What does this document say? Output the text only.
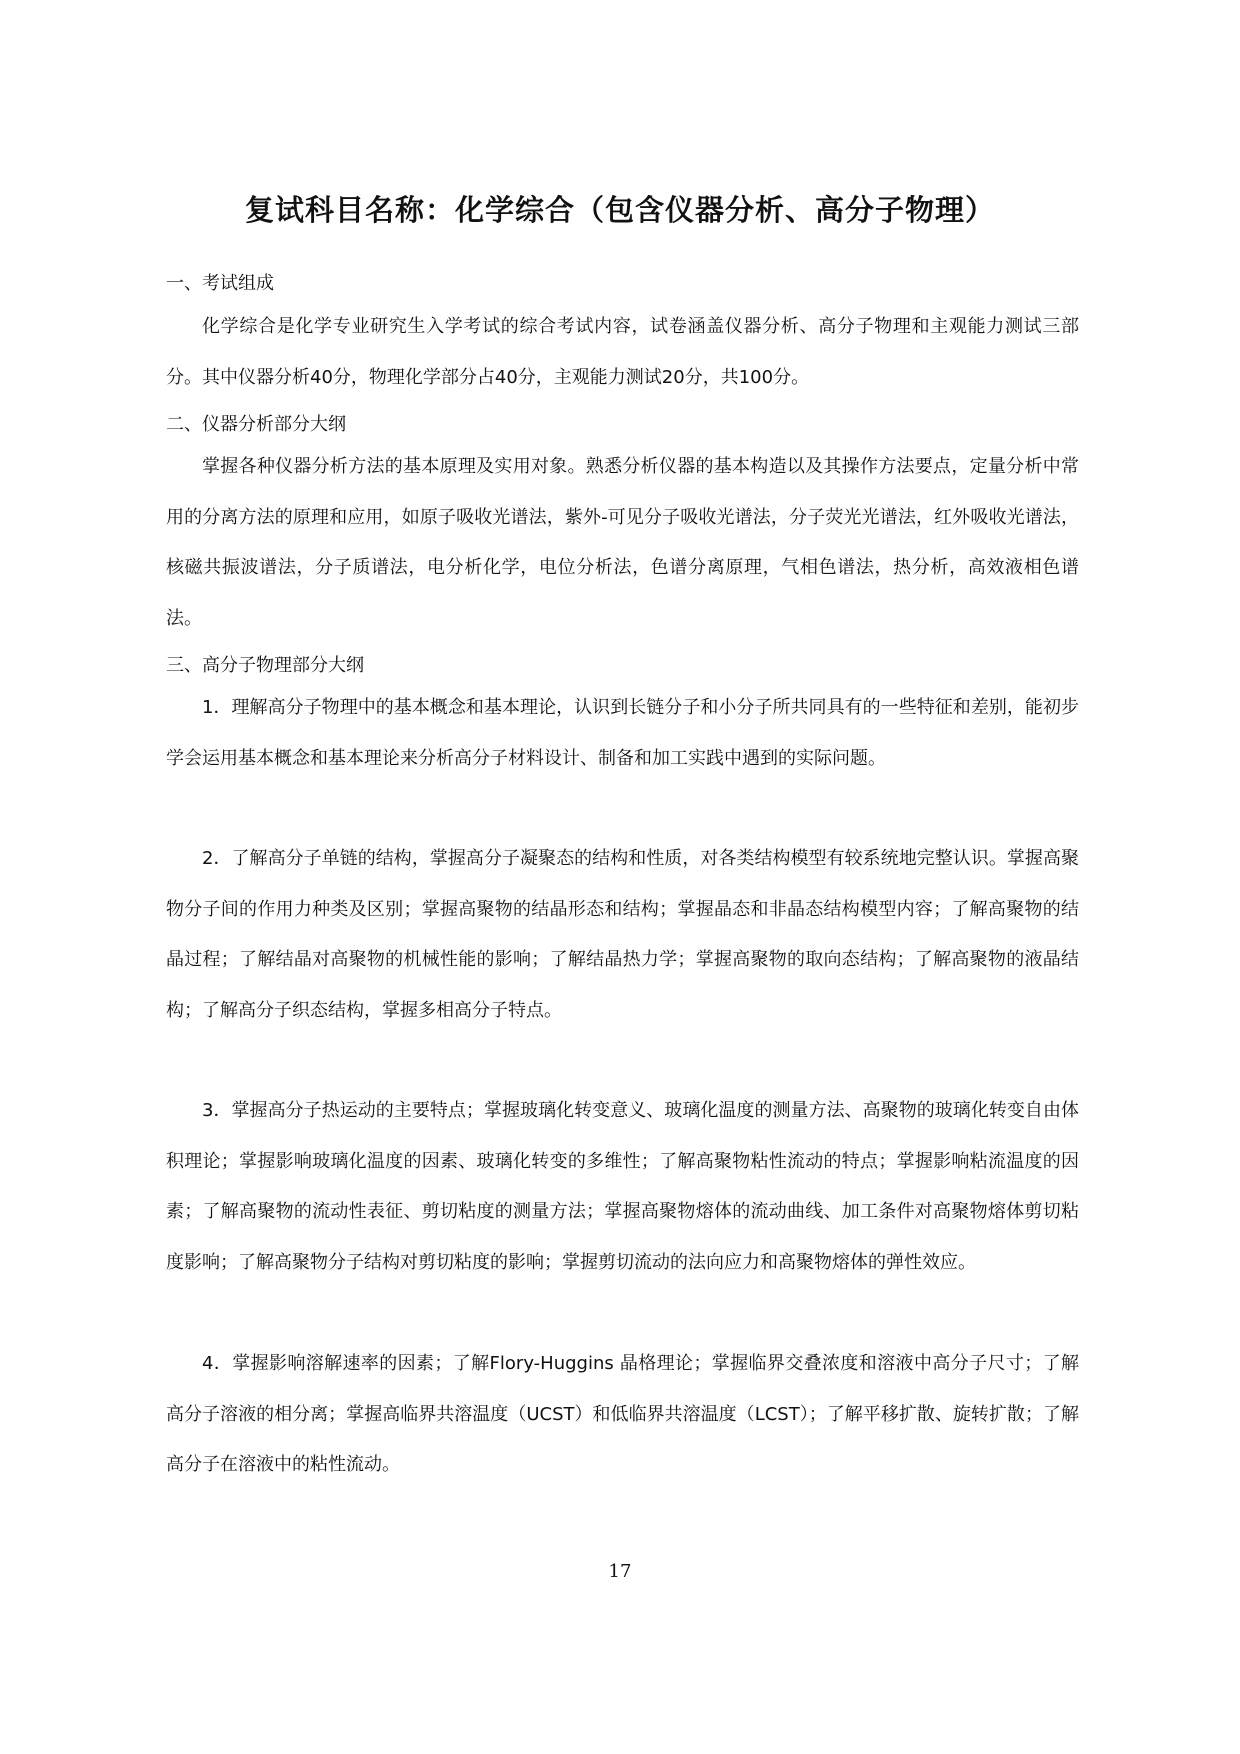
复试科目名称：化学综合（包含仪器分析、高分子物理）
一、考试组成

化学综合是化学专业研究生入学考试的综合考试内容，试卷涵盖仪器分析、高分子物理和主观能力测试三部分。其中仪器分析40分，物理化学部分占40分，主观能力测试20分，共100分。

二、仪器分析部分大纲

掌握各种仪器分析方法的基本原理及实用对象。熟悉分析仪器的基本构造以及其操作方法要点，定量分析中常用的分离方法的原理和应用，如原子吸收光谱法，紫外-可见分子吸收光谱法，分子荧光光谱法，红外吸收光谱法，核磁共振波谱法，分子质谱法，电分析化学，电位分析法，色谱分离原理，气相色谱法，热分析，高效液相色谱法。

三、高分子物理部分大纲

1．理解高分子物理中的基本概念和基本理论，认识到长链分子和小分子所共同具有的一些特征和差别，能初步学会运用基本概念和基本理论来分析高分子材料设计、制备和加工实践中遇到的实际问题。

2．了解高分子单链的结构，掌握高分子凝聚态的结构和性质，对各类结构模型有较系统地完整认识。掌握高聚物分子间的作用力种类及区别；掌握高聚物的结晶形态和结构；掌握晶态和非晶态结构模型内容；了解高聚物的结晶过程；了解结晶对高聚物的机械性能的影响；了解结晶热力学；掌握高聚物的取向态结构；了解高聚物的液晶结构；了解高分子织态结构，掌握多相高分子特点。

3．掌握高分子热运动的主要特点；掌握玻璃化转变意义、玻璃化温度的测量方法、高聚物的玻璃化转变自由体积理论；掌握影响玻璃化温度的因素、玻璃化转变的多维性；了解高聚物粘性流动的特点；掌握影响粘流温度的因素；了解高聚物的流动性表征、剪切粘度的测量方法；掌握高聚物熔体的流动曲线、加工条件对高聚物熔体剪切粘度影响；了解高聚物分子结构对剪切粘度的影响；掌握剪切流动的法向应力和高聚物熔体的弹性效应。

4．掌握影响溶解速率的因素；了解Flory-Huggins 晶格理论；掌握临界交叠浓度和溶液中高分子尺寸；了解高分子溶液的相分离；掌握高临界共溶温度（UCST）和低临界共溶温度（LCST）；了解平移扩散、旋转扩散；了解高分子在溶液中的粘性流动。

17
